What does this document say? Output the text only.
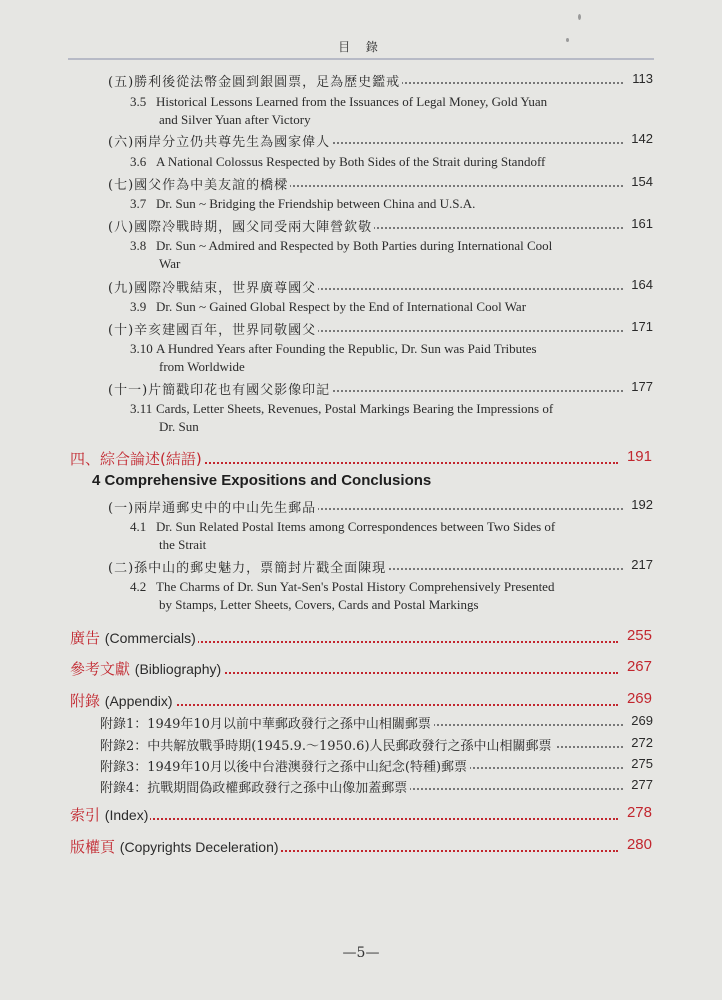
目 錄
(五)勝利後從法幣金圓到銀圓票，足為歷史鑑戒	113
3.5 Historical Lessons Learned from the Issuances of Legal Money, Gold Yuan
and Silver Yuan after Victory
(六)兩岸分立仍共尊先生為國家偉人	142
3.6 A National Colossus Respected by Both Sides of the Strait during Standoff
(七)國父作為中美友誼的橋樑	154
3.7 Dr. Sun ~ Bridging the Friendship between China and U.S.A.
(八)國際冷戰時期，國父同受兩大陣營欽敬	161
3.8 Dr. Sun ~ Admired and Respected by Both Parties during International Cool
War
(九)國際冷戰結束，世界廣尊國父	164
3.9 Dr. Sun ~ Gained Global Respect by the End of International Cool War
(十)辛亥建國百年，世界同敬國父	171
3.10 A Hundred Years after Founding the Republic, Dr. Sun was Paid Tributes
from Worldwide
(十一)片簡戳印花也有國父影像印記	177
3.11 Cards, Letter Sheets, Revenues, Postal Markings Bearing the Impressions of
Dr. Sun
四、綜合論述(結語)	191
4 Comprehensive Expositions and Conclusions
(一)兩岸通郵史中的中山先生郵品	192
4.1 Dr. Sun Related Postal Items among Correspondences between Two Sides of
the Strait
(二)孫中山的郵史魅力，票簡封片戳全面陳現	217
4.2 The Charms of Dr. Sun Yat-Sen's Postal History Comprehensively Presented
by Stamps, Letter Sheets, Covers, Cards and Postal Markings
廣告 (Commercials)	255
參考文獻 (Bibliography)	267
附錄 (Appendix)	269
附錄1：1949年10月以前中華郵政發行之孫中山相關郵票	269
附錄2：中共解放戰爭時期(1945.9.～1950.6)人民郵政發行之孫中山相關郵票	272
附錄3：1949年10月以後中台港澳發行之孫中山紀念(特種)郵票	275
附錄4：抗戰期間偽政權郵政發行之孫中山像加蓋郵票	277
索引 (Index)	278
版權頁 (Copyrights Deceleration)	280
—5—
